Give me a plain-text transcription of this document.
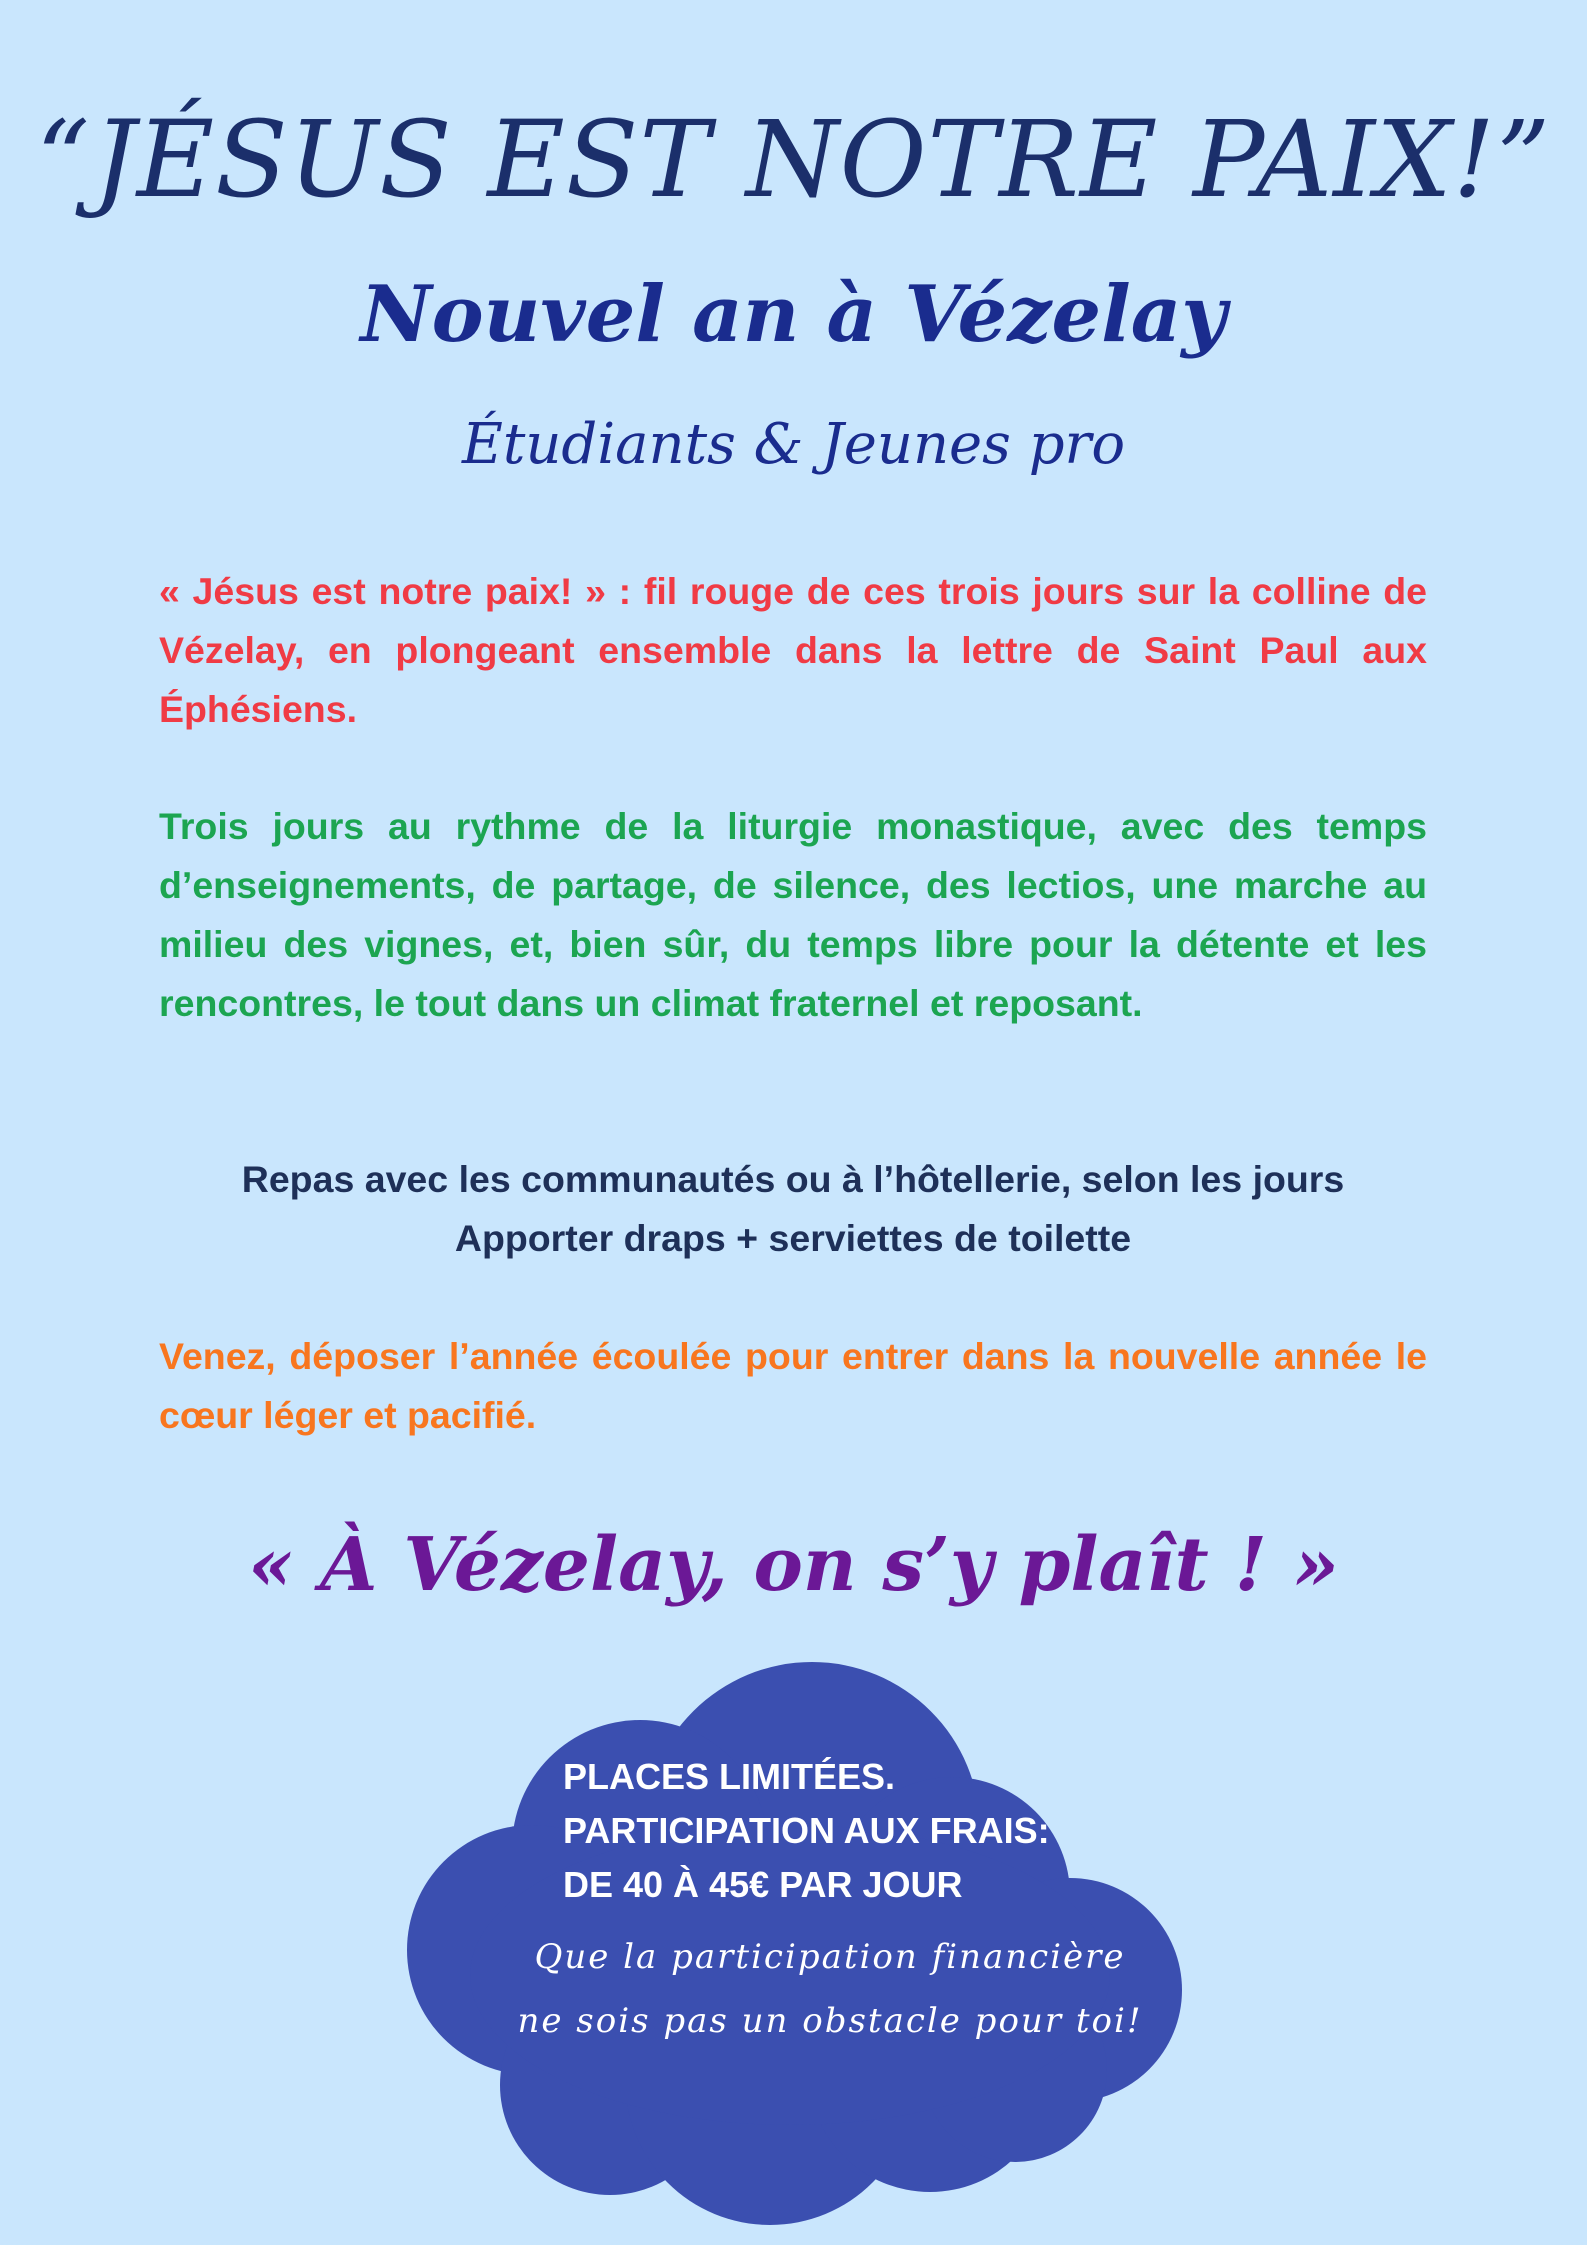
“JÉSUS EST NOTRE PAIX!”
Nouvel an à Vézelay
Étudiants & Jeunes pro

« Jésus est notre paix! » : fil rouge de ces trois jours sur la colline de Vézelay, en plongeant ensemble dans la lettre de Saint Paul aux Éphésiens.

Trois jours au rythme de la liturgie monastique, avec des temps d’enseignements, de partage, de silence, des lectios, une marche au milieu des vignes, et, bien sûr, du temps libre pour la détente et les rencontres, le tout dans un climat fraternel et reposant.

Repas avec les communautés ou à l’hôtellerie, selon les jours
Apporter draps + serviettes de toilette

Venez, déposer l’année écoulée pour entrer dans la nouvelle année le cœur léger et pacifié.

« À Vézelay, on s’y plaît ! »

PLACES LIMITÉES.
PARTICIPATION AUX FRAIS:
DE 40 À 45€ PAR JOUR

Que la participation financière
ne sois pas un obstacle pour toi!
